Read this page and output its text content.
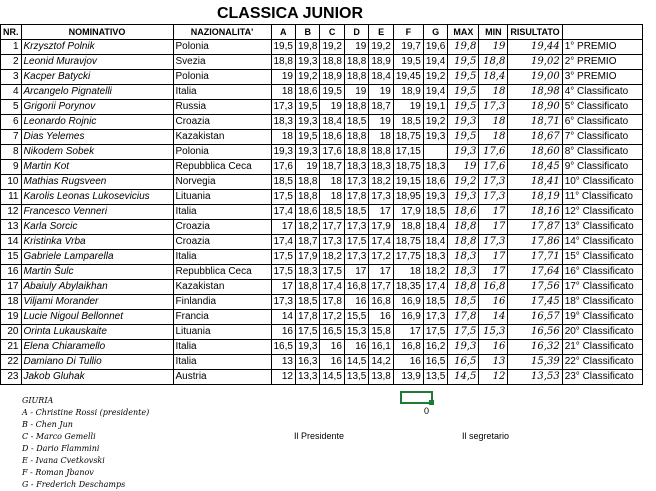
CLASSICA JUNIOR
NR.	NOMINATIVO	NAZIONALITA'	A	B	C	D	E	F	G	MAX	MIN	RISULTATO	
1	Krzysztof Polnik	Polonia	19,5	19,8	19,2	19	19,2	19,7	19,6	19,8	19	19,44	1° PREMIO
2	Leonid Muravjov	Svezia	18,8	19,3	18,8	18,8	18,9	19,5	19,4	19,5	18,8	19,02	2° PREMIO
3	Kacper Batycki	Polonia	19	19,2	18,9	18,8	18,4	19,45	19,2	19,5	18,4	19,00	3° PREMIO
4	Arcangelo Pignatelli	Italia	18	18,6	19,5	19	19	18,9	19,4	19,5	18	18,98	4° Classificato
5	Grigorii Porynov	Russia	17,3	19,5	19	18,8	18,7	19	19,1	19,5	17,3	18,90	5° Classificato
6	Leonardo Rojnic	Croazia	18,3	19,3	18,4	18,5	19	18,5	19,2	19,3	18	18,71	6° Classificato
7	Dias Yelemes	Kazakistan	18	19,5	18,6	18,8	18	18,75	19,3	19,5	18	18,67	7° Classificato
8	Nikodem Sobek	Polonia	19,3	19,3	17,6	18,8	18,8	17,15		19,3	17,6	18,60	8° Classificato
9	Martin Kot	Repubblica Ceca	17,6	19	18,7	18,3	18,3	18,75	18,3	19	17,6	18,45	9° Classificato
10	Mathias Rugsveen	Norvegia	18,5	18,8	18	17,3	18,2	19,15	18,6	19,2	17,3	18,41	10° Classificato
11	Karolis Leonas Lukosevicius	Lituania	17,5	18,8	18	17,8	17,3	18,95	19,3	19,3	17,3	18,19	11° Classificato
12	Francesco Venneri	Italia	17,4	18,6	18,5	18,5	17	17,9	18,5	18,6	17	18,16	12° Classificato
13	Karla Sorcic	Croazia	17	18,2	17,7	17,3	17,9	18,8	18,4	18,8	17	17,87	13° Classificato
14	Kristinka Vrba	Croazia	17,4	18,7	17,3	17,5	17,4	18,75	18,4	18,8	17,3	17,86	14° Classificato
15	Gabriele Lamparella	Italia	17,5	17,9	18,2	17,3	17,2	17,75	18,3	18,3	17	17,71	15° Classificato
16	Martin Šulc	Repubblica Ceca	17,5	18,3	17,5	17	17	18	18,2	18,3	17	17,64	16° Classificato
17	Abaiuly Abylaikhan	Kazakistan	17	18,8	17,4	16,8	17,7	18,35	17,4	18,8	16,8	17,56	17° Classificato
18	Viljami Morander	Finlandia	17,3	18,5	17,8	16	16,8	16,9	18,5	18,5	16	17,45	18° Classificato
19	Lucie Nigoul Bellonnet	Francia	14	17,8	17,2	15,5	16	16,9	17,3	17,8	14	16,57	19° Classificato
20	Orinta Lukauskaite	Lituania	16	17,5	16,5	15,3	15,8	17	17,5	17,5	15,3	16,56	20° Classificato
21	Elena Chiaramello	Italia	16,5	19,3	16	16	16,1	16,8	16,2	19,3	16	16,32	21° Classificato
22	Damiano Di Tullio	Italia	13	16,3	16	14,5	14,2	16	16,5	16,5	13	15,39	22° Classificato
23	Jakob Gluhak	Austria	12	13,3	14,5	13,5	13,8	13,9	13,5	14,5	12	13,53	23° Classificato
GIURIA
A - Christine Rossi (presidente)
B - Chen Jun
C - Marco Gemelli
D - Dario Flammini
E - Ivana Cvetkovski
F - Roman Jbanov
G - Frederich Deschamps
Il Presidente	Il segretario
0
